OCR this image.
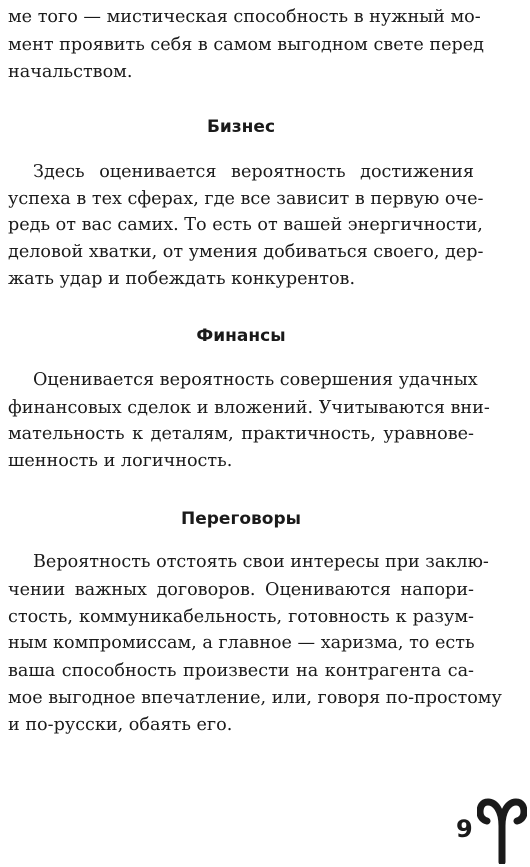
ме того — мистическая способность в нужный мо-
мент проявить себя в самом выгодном свете перед
начальством.
Бизнес
Здесь оценивается вероятность достижения
успеха в тех сферах, где все зависит в первую оче-
редь от вас самих. То есть от вашей энергичности,
деловой хватки, от умения добиваться своего, дер-
жать удар и побеждать конкурентов.
Финансы
Оценивается вероятность совершения удачных
финансовых сделок и вложений. Учитываются вни-
мательность к деталям, практичность, уравнове-
шенность и логичность.
Переговоры
Вероятность отстоять свои интересы при заклю-
чении важных договоров. Оцениваются напори-
стость, коммуникабельность, готовность к разум-
ным компромиссам, а главное — харизма, то есть
ваша способность произвести на контрагента са-
мое выгодное впечатление, или, говоря по-простому
и по-русски, обаять его.
9
